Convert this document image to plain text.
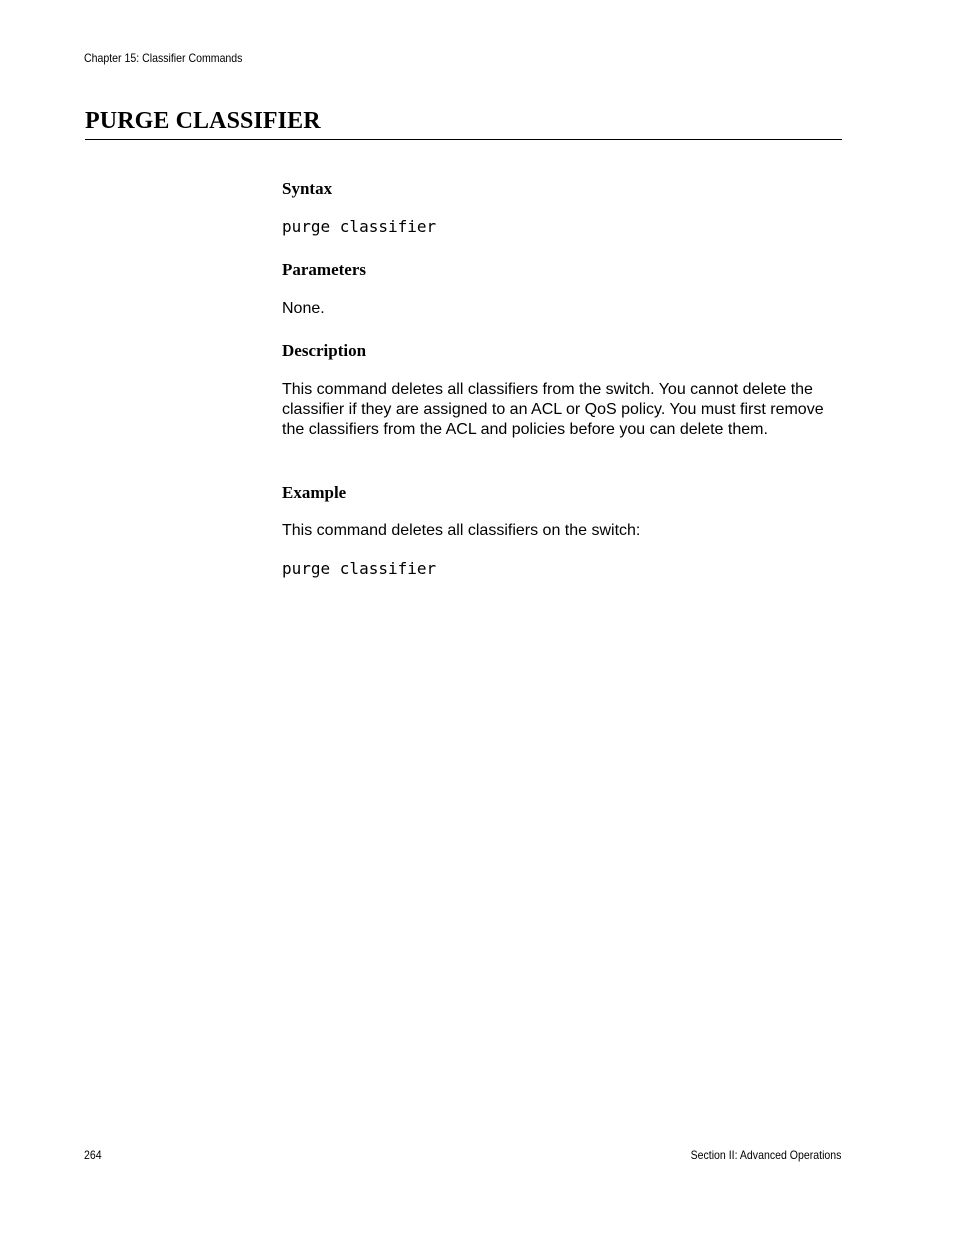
Chapter 15: Classifier Commands
PURGE CLASSIFIER
Syntax
purge classifier
Parameters

None.

Description

This command deletes all classifiers from the switch. You cannot delete the classifier if they are assigned to an ACL or QoS policy. You must first remove the classifiers from the ACL and policies before you can delete them.

Example

This command deletes all classifiers on the switch:

purge classifier
264	Section II: Advanced Operations
